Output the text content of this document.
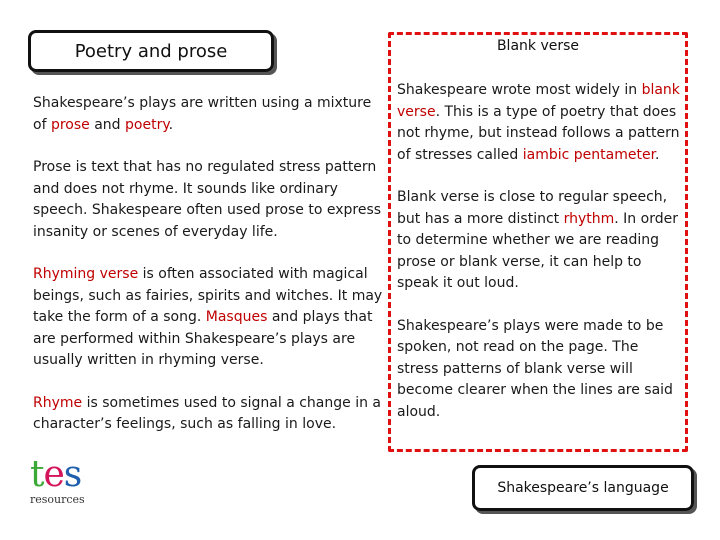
Poetry and prose

Shakespeare’s plays are written using a mixture of prose and poetry.

Prose is text that has no regulated stress pattern and does not rhyme. It sounds like ordinary speech. Shakespeare often used prose to express insanity or scenes of everyday life.

Rhyming verse is often associated with magical beings, such as fairies, spirits and witches. It may take the form of a song. Masques and plays that are performed within Shakespeare’s plays are usually written in rhyming verse.

Rhyme is sometimes used to signal a change in a character’s feelings, such as falling in love.

Blank verse

Shakespeare wrote most widely in blank verse. This is a type of poetry that does not rhyme, but instead follows a pattern of stresses called iambic pentameter.

Blank verse is close to regular speech, but has a more distinct rhythm. In order to determine whether we are reading prose or blank verse, it can help to speak it out loud.

Shakespeare’s plays were made to be spoken, not read on the page. The stress patterns of blank verse will become clearer when the lines are said aloud.

tes
resources
Shakespeare’s language
